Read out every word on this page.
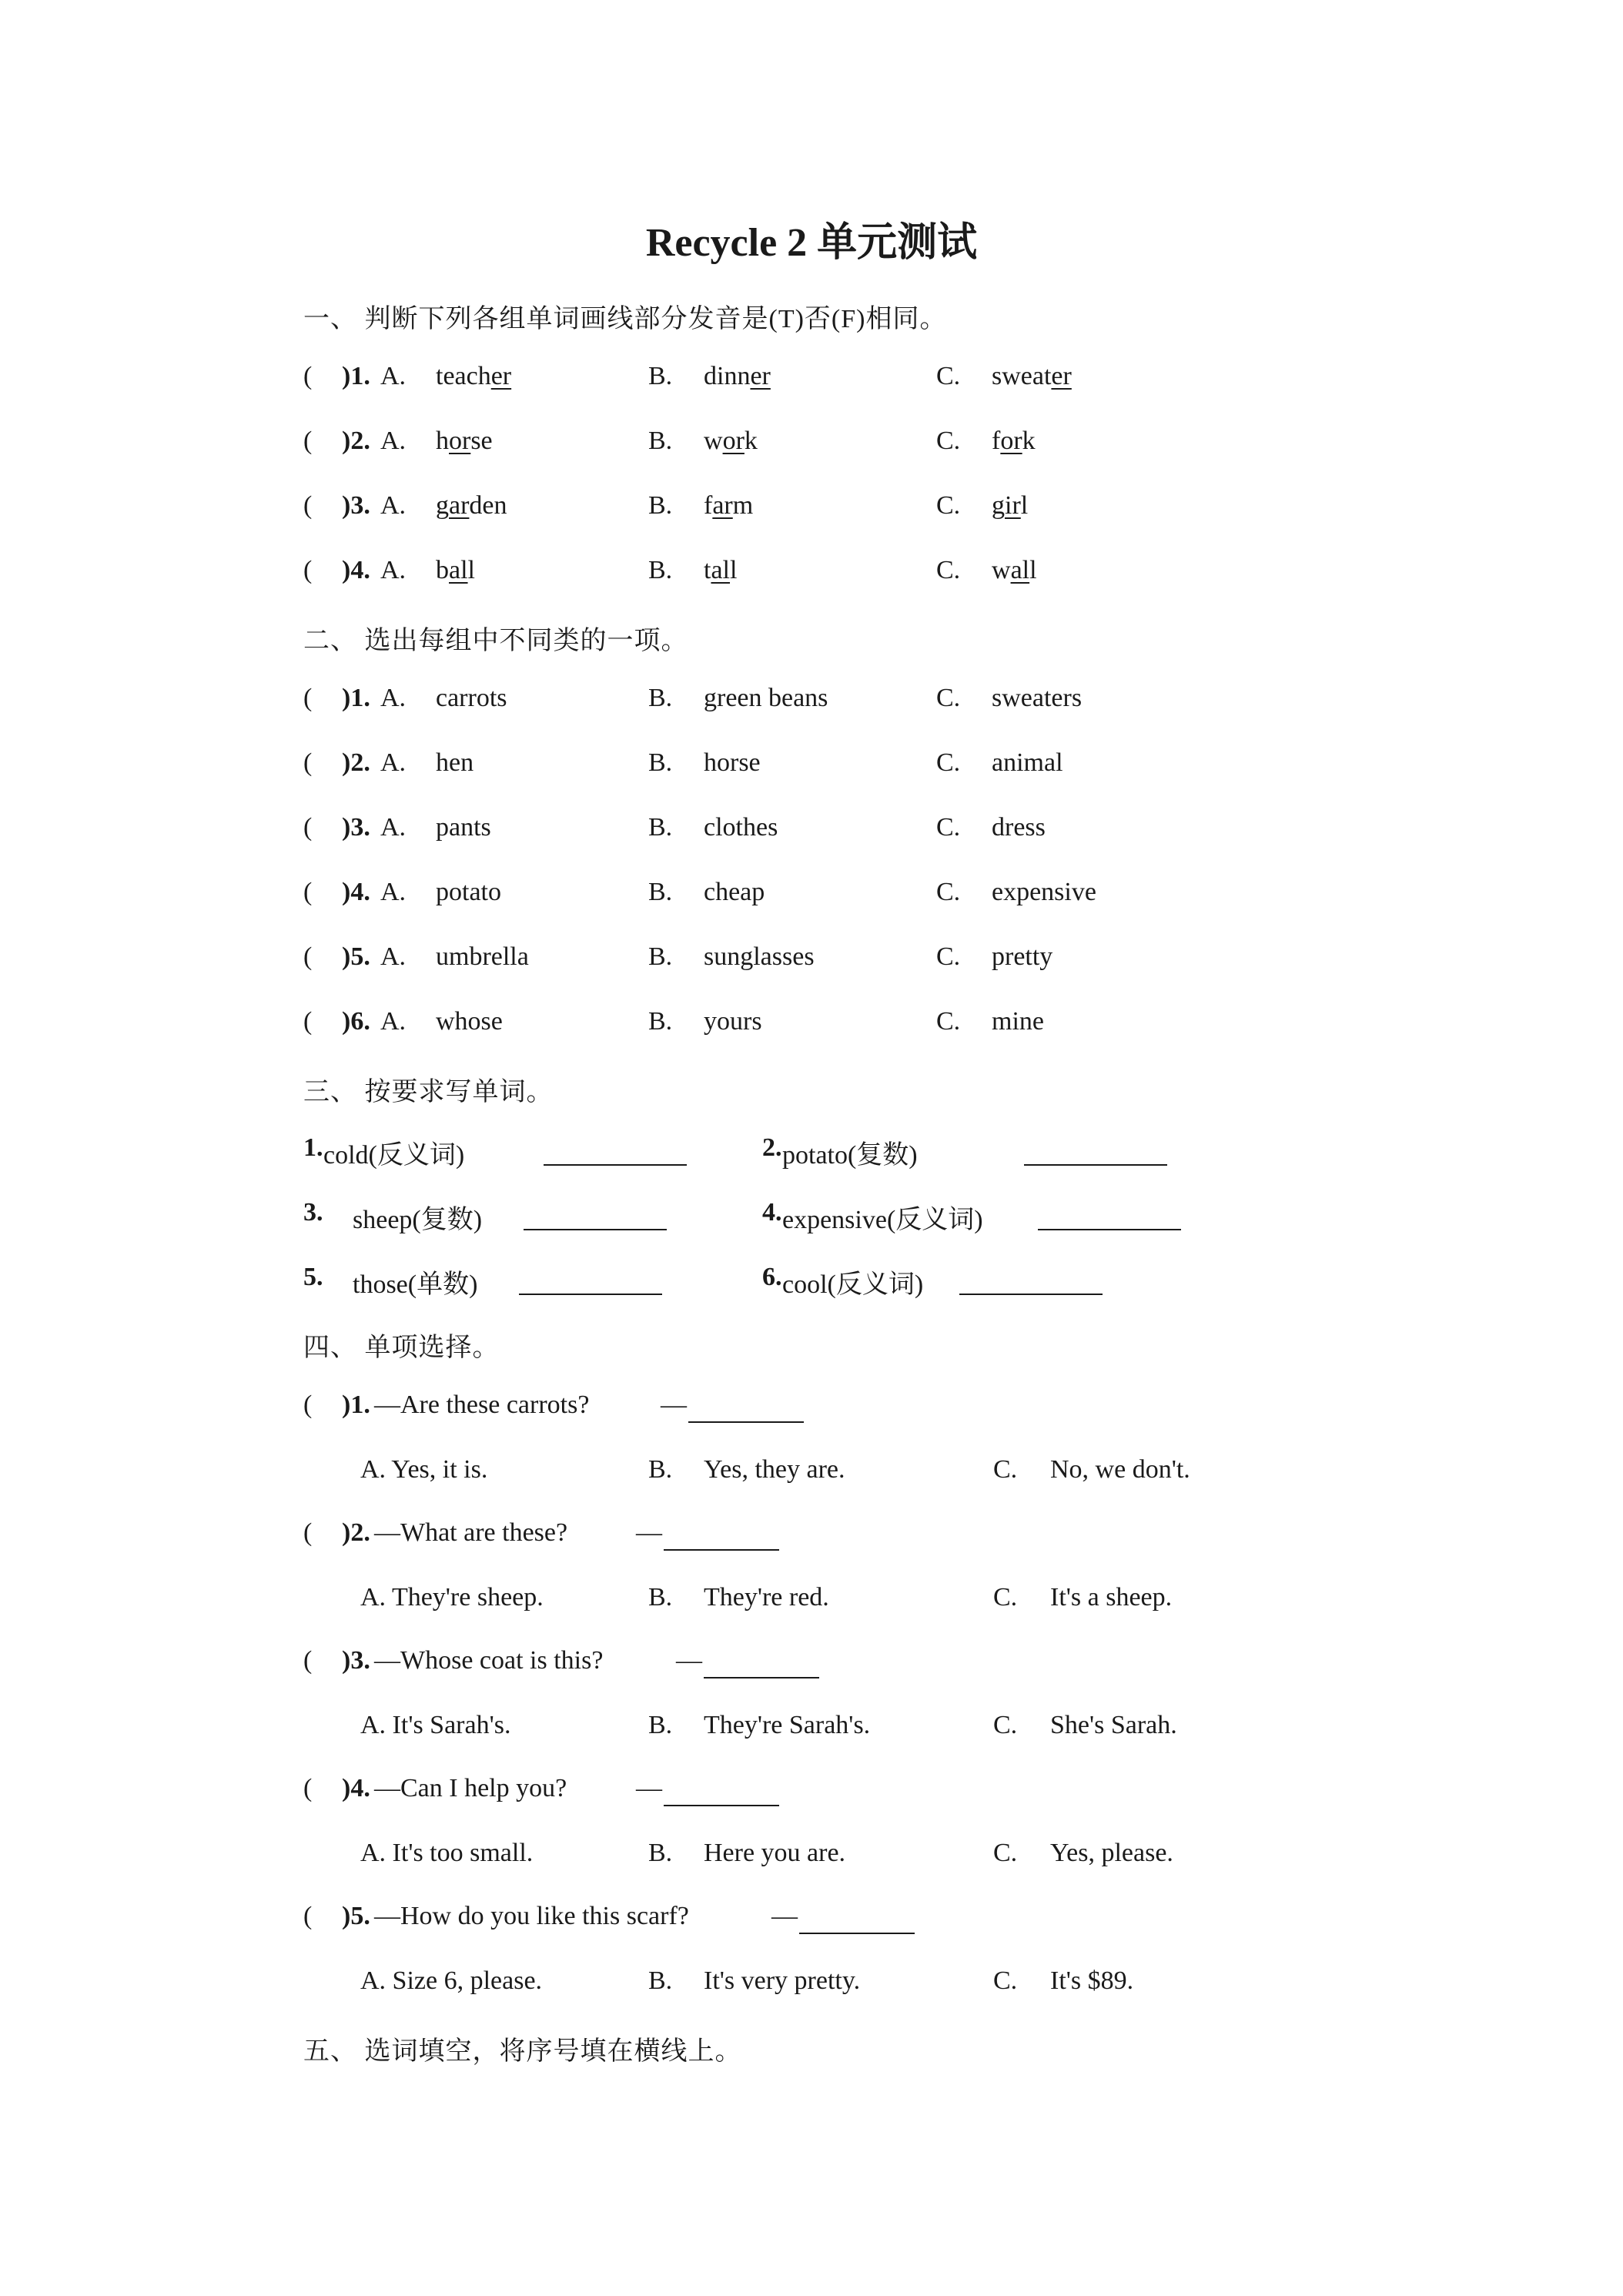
Recycle 2 单元测试
一、 判断下列各组单词画线部分发音是(T)否(F)相同。
( )1. A. teacher	B. dinner	C. sweater
( )2. A. horse	B. work	C. fork
( )3. A. garden	B. farm	C. girl
( )4. A. ball	B. tall	C. wall
二、 选出每组中不同类的一项。
( )1. A. carrots	B. green beans	C. sweaters
( )2. A. hen	B. horse	C. animal
( )3. A. pants	B. clothes	C. dress
( )4. A. potato	B. cheap	C. expensive
( )5. A. umbrella	B. sunglasses	C. pretty
( )6. A. whose	B. yours	C. mine
三、 按要求写单词。
1. cold(反义词)	2. potato(复数)
3. sheep(复数)	4. expensive(反义词)
5. those(单数)	6. cool(反义词)
四、 单项选择。
( )1. —Are these carrots?	—
A. Yes, it is.	B. Yes, they are.	C. No, we don't.
( )2. —What are these?	—
A. They're sheep.	B. They're red.	C. It's a sheep.
( )3. —Whose coat is this?	—
A. It's Sarah's.	B. They're Sarah's.	C. She's Sarah.
( )4. —Can I help you?	—
A. It's too small.	B. Here you are.	C. Yes, please.
( )5. —How do you like this scarf?	—
A. Size 6, please.	B. It's very pretty.	C. It's $89.
五、 选词填空，将序号填在横线上。
